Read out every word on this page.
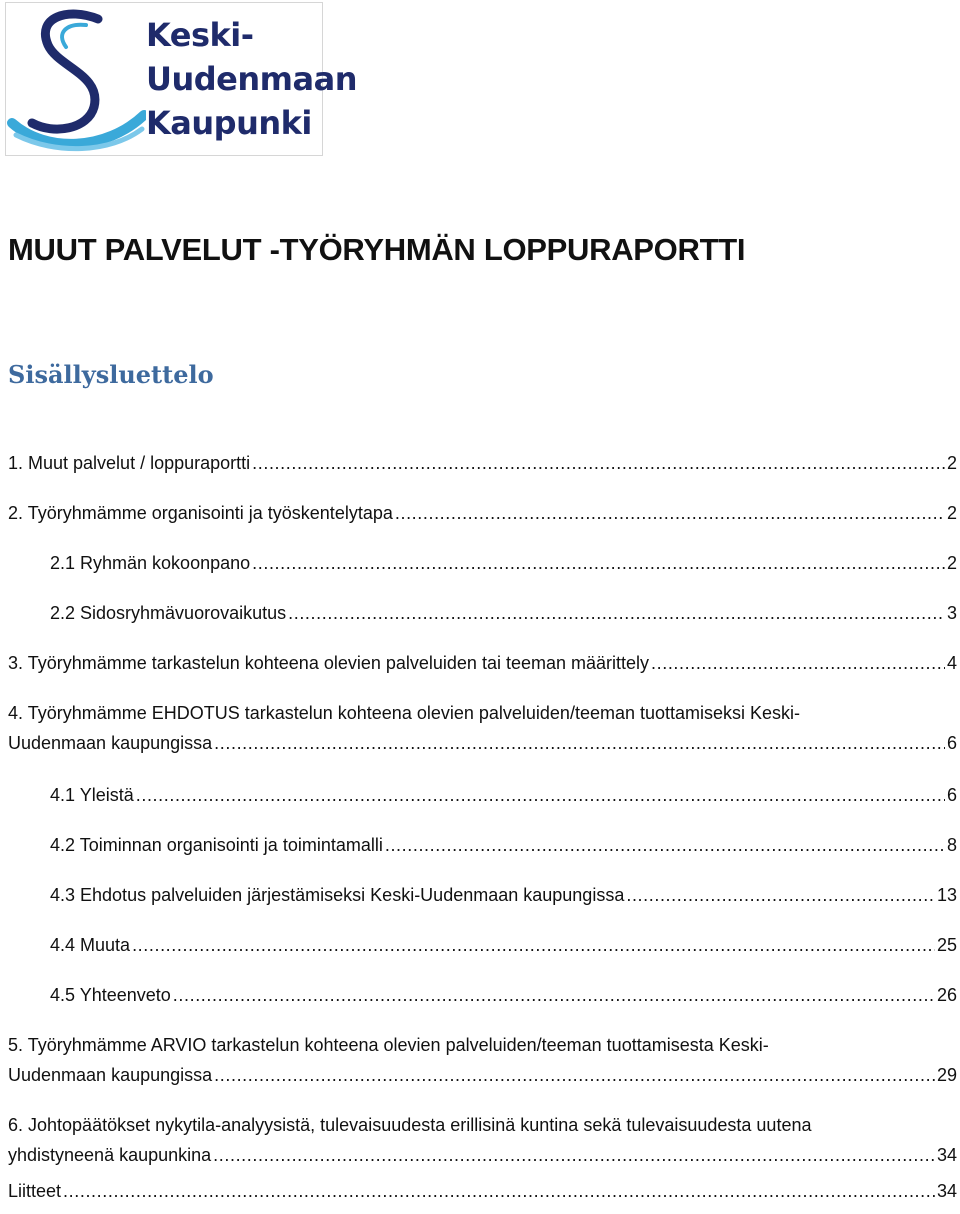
Keski-
Uudenmaan
Kaupunki
MUUT PALVELUT -TYÖRYHMÄN LOPPURAPORTTI
Sisällysluettelo
1. Muut palvelut / loppuraportti . . .	2
2. Työryhmämme organisointi ja työskentelytapa . . .	2
2.1 Ryhmän kokoonpano . . .	2
2.2 Sidosryhmävuorovaikutus . . .	3
3. Työryhmämme tarkastelun kohteena olevien palveluiden tai teeman määrittely . . .	4
4. Työryhmämme EHDOTUS tarkastelun kohteena olevien palveluiden/teeman tuottamiseksi Keski-
Uudenmaan kaupungissa . . .	6
4.1 Yleistä . . .	6
4.2 Toiminnan organisointi ja toimintamalli . . .	8
4.3 Ehdotus palveluiden järjestämiseksi Keski-Uudenmaan kaupungissa . . .	13
4.4 Muuta . . .	25
4.5 Yhteenveto . . .	26
5. Työryhmämme ARVIO tarkastelun kohteena olevien palveluiden/teeman tuottamisesta Keski-
Uudenmaan kaupungissa . . .	29
6. Johtopäätökset nykytila-analyysistä, tulevaisuudesta erillisinä kuntina sekä tulevaisuudesta uutena
yhdistyneenä kaupunkina . . .	34
Liitteet . . .	34
